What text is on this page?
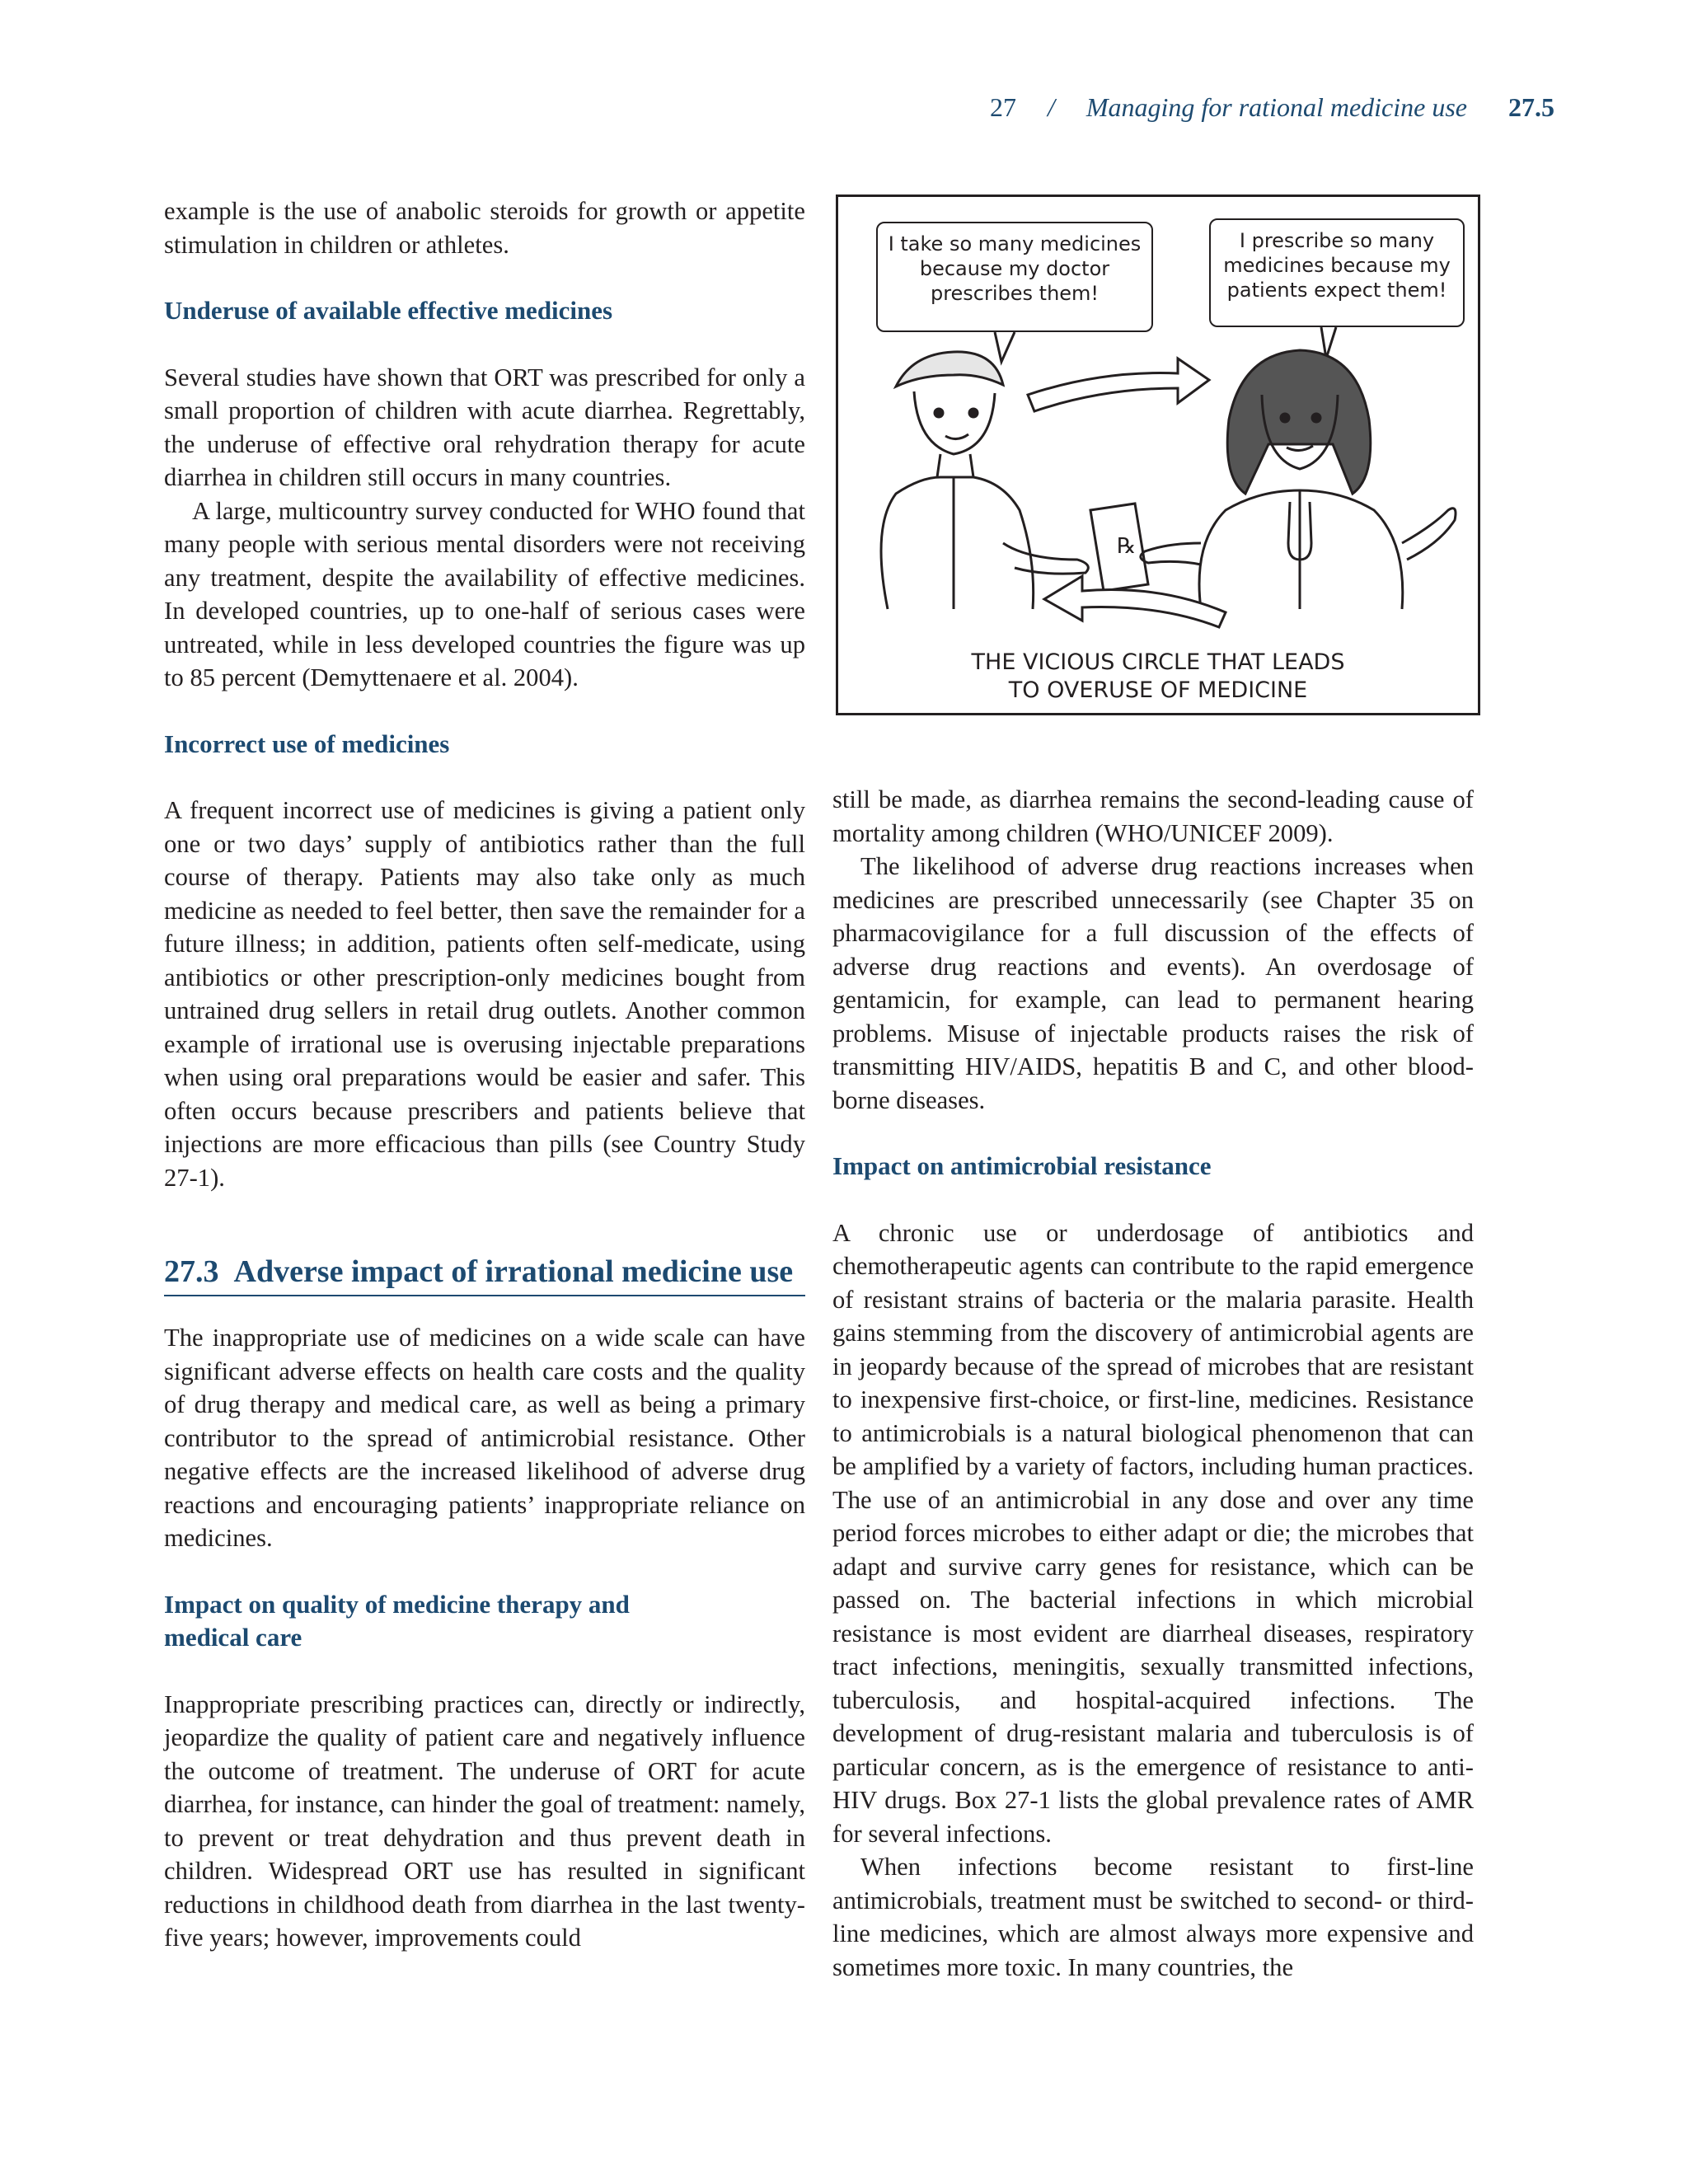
27 / Managing for rational medicine use 27.5

example is the use of anabolic steroids for growth or appetite stimulation in children or athletes.

Underuse of available effective medicines

Several studies have shown that ORT was prescribed for only a small proportion of children with acute diarrhea. Regrettably, the underuse of effective oral rehydration therapy for acute diarrhea in children still occurs in many countries.

A large, multicountry survey conducted for WHO found that many people with serious mental disorders were not receiving any treatment, despite the availability of effective medicines. In developed countries, up to one-half of serious cases were untreated, while in less developed countries the figure was up to 85 percent (Demyttenaere et al. 2004).

Incorrect use of medicines

A frequent incorrect use of medicines is giving a patient only one or two days’ supply of antibiotics rather than the full course of therapy. Patients may also take only as much medicine as needed to feel better, then save the remainder for a future illness; in addition, patients often self-medicate, using antibiotics or other prescription-only medicines bought from untrained drug sellers in retail drug outlets. Another common example of irrational use is overusing injectable preparations when using oral preparations would be easier and safer. This often occurs because prescribers and patients believe that injections are more efficacious than pills (see Country Study 27-1).

27.3 Adverse impact of irrational medicine use

The inappropriate use of medicines on a wide scale can have significant adverse effects on health care costs and the quality of drug therapy and medical care, as well as being a primary contributor to the spread of antimicrobial resistance. Other negative effects are the increased likelihood of adverse drug reactions and encouraging patients’ inappropriate reliance on medicines.

Impact on quality of medicine therapy and medical care

Inappropriate prescribing practices can, directly or indirectly, jeopardize the quality of patient care and negatively influence the outcome of treatment. The underuse of ORT for acute diarrhea, for instance, can hinder the goal of treatment: namely, to prevent or treat dehydration and thus prevent death in children. Widespread ORT use has resulted in significant reductions in childhood death from diarrhea in the last twenty-five years; however, improvements could

℞
I take so many medicines because my doctor prescribes them!
I prescribe so many medicines because my patients expect them!
THE VICIOUS CIRCLE THAT LEADS
TO OVERUSE OF MEDICINE

still be made, as diarrhea remains the second-leading cause of mortality among children (WHO/UNICEF 2009).

The likelihood of adverse drug reactions increases when medicines are prescribed unnecessarily (see Chapter 35 on pharmacovigilance for a full discussion of the effects of adverse drug reactions and events). An overdosage of gentamicin, for example, can lead to permanent hearing problems. Misuse of injectable products raises the risk of transmitting HIV/AIDS, hepatitis B and C, and other blood-borne diseases.

Impact on antimicrobial resistance

A chronic use or underdosage of antibiotics and chemotherapeutic agents can contribute to the rapid emergence of resistant strains of bacteria or the malaria parasite. Health gains stemming from the discovery of antimicrobial agents are in jeopardy because of the spread of microbes that are resistant to inexpensive first-choice, or first-line, medicines. Resistance to antimicrobials is a natural biological phenomenon that can be amplified by a variety of factors, including human practices. The use of an antimicrobial in any dose and over any time period forces microbes to either adapt or die; the microbes that adapt and survive carry genes for resistance, which can be passed on. The bacterial infections in which microbial resistance is most evident are diarrheal diseases, respiratory tract infections, meningitis, sexually transmitted infections, tuberculosis, and hospital-acquired infections. The development of drug-resistant malaria and tuberculosis is of particular concern, as is the emergence of resistance to anti-HIV drugs. Box 27-1 lists the global prevalence rates of AMR for several infections.

When infections become resistant to first-line antimicrobials, treatment must be switched to second- or third-line medicines, which are almost always more expensive and sometimes more toxic. In many countries, the
